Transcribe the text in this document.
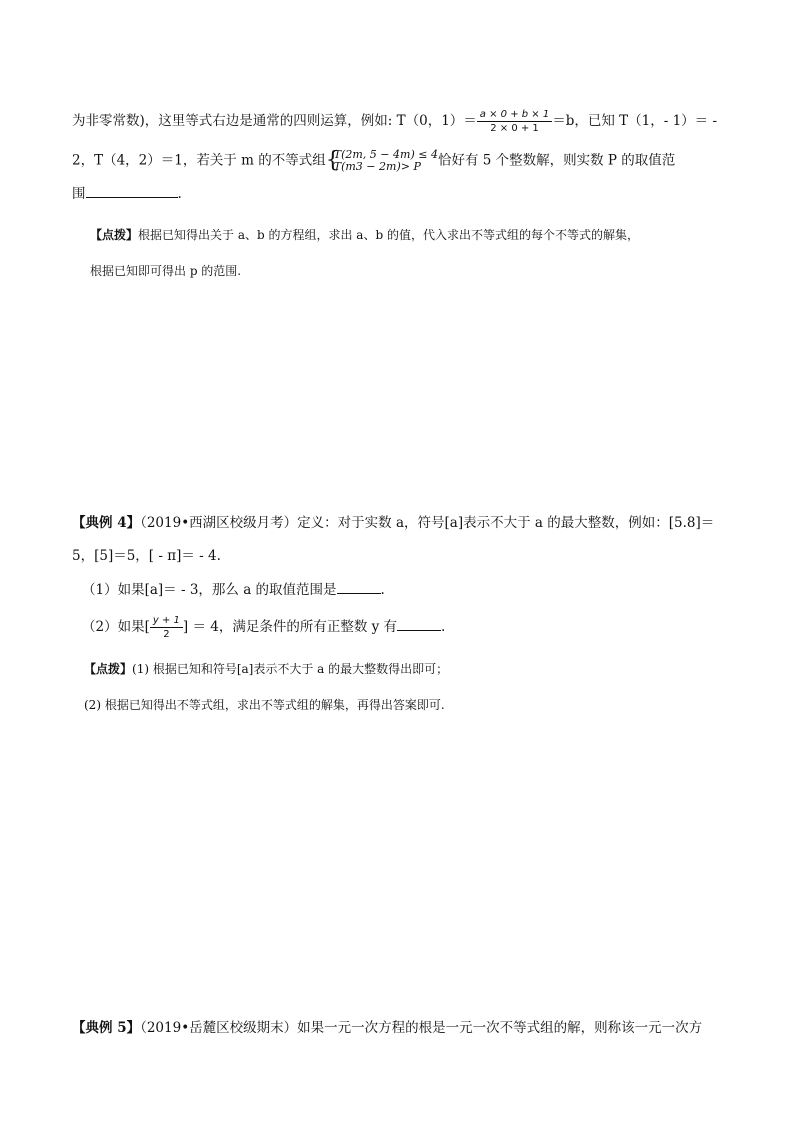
为非零常数)，这里等式右边是通常的四则运算，例如: T（0，$1)= \frac{a \times 0 + b \times 1}{2 \times 0 + 1} =b$，已知 T（1，- 1）＝ -
2，T（4，2）＝1，若关于 m 的不等式组 {
T(2m, 5 − 4m) ≤ 4
T(m3 − 2m)> P	恰好有 5 个整数解，则实数 P 的取值范
围	.
【点拨】根据已知得出关于 a、b 的方程组，求出 a、b 的值，代入求出不等式组的每个不等式的解集，
根据已知即可得出 p 的范围.
【典例 4】（2019•西湖区校级月考）定义：对于实数 a，符号[a]表示不大于 a 的最大整数，例如：[5.8]＝
5，[5]＝5，[ - π]＝ - 4.
（1）如果[a]＝ - 3，那么 a 的取值范围是	.
（2）如果[ $\frac{y + 1}{2}$ ] ＝ 4，满足条件的所有正整数 y 有	.
【点拨】(1) 根据已知和符号[a]表示不大于 a 的最大整数得出即可；
(2) 根据已知得出不等式组，求出不等式组的解集，再得出答案即可.
【典例 5】（2019•岳麓区校级期末）如果一元一次方程的根是一元一次不等式组的解，则称该一元一次方
